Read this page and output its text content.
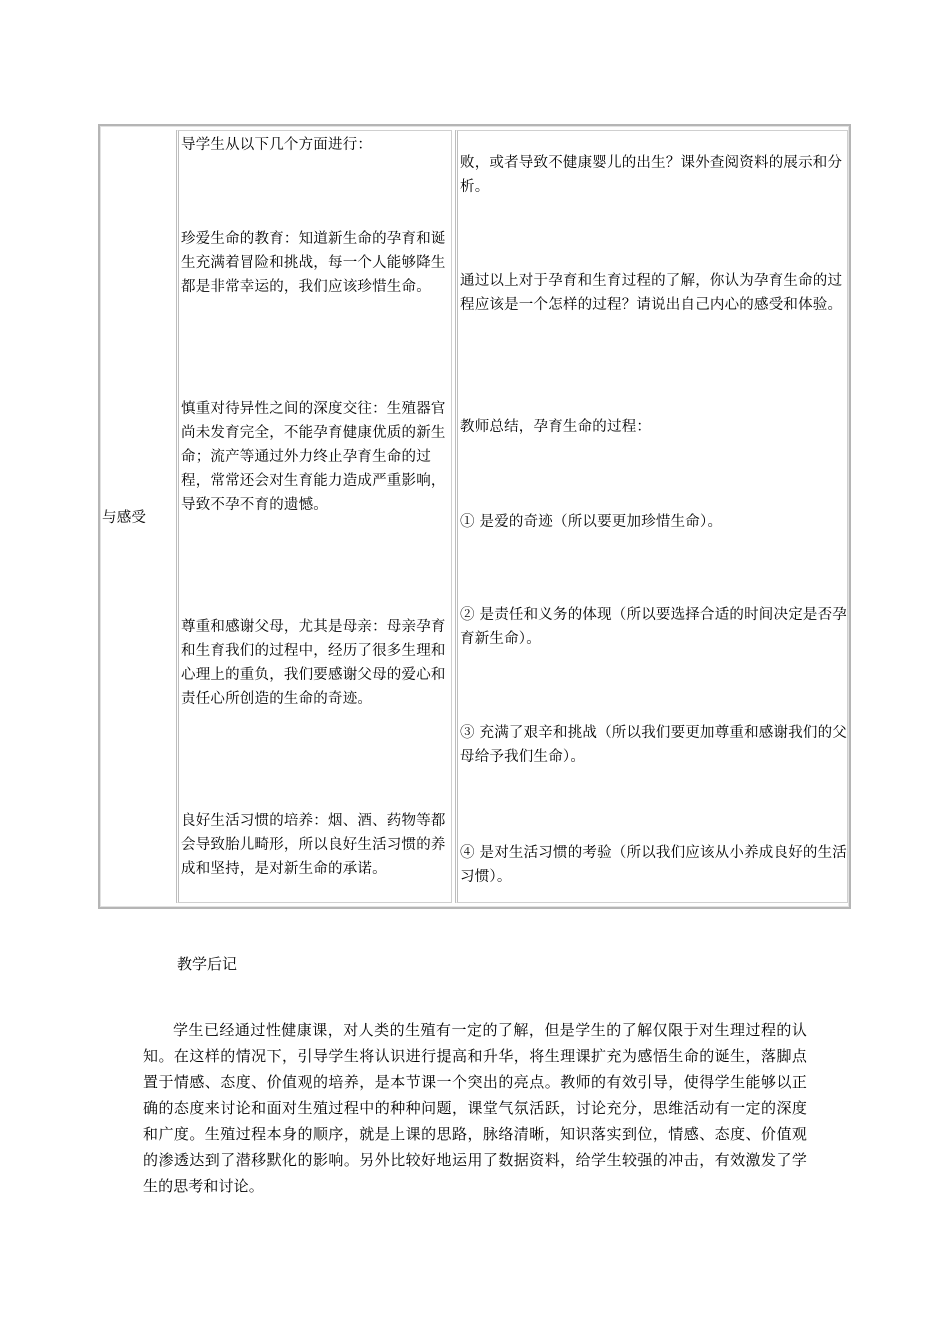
与感受
导学生从以下几个方面进行：
珍爱生命的教育：知道新生命的孕育和诞生充满着冒险和挑战，每一个人能够降生都是非常幸运的，我们应该珍惜生命。
慎重对待异性之间的深度交往：生殖器官尚未发育完全，不能孕育健康优质的新生命；流产等通过外力终止孕育生命的过程，常常还会对生育能力造成严重影响，导致不孕不育的遗憾。
尊重和感谢父母，尤其是母亲：母亲孕育和生育我们的过程中，经历了很多生理和心理上的重负，我们要感谢父母的爱心和责任心所创造的生命的奇迹。
良好生活习惯的培养：烟、酒、药物等都会导致胎儿畸形，所以良好生活习惯的养成和坚持，是对新生命的承诺。
败，或者导致不健康婴儿的出生？课外查阅资料的展示和分析。
通过以上对于孕育和生育过程的了解，你认为孕育生命的过程应该是一个怎样的过程？请说出自己内心的感受和体验。
教师总结，孕育生命的过程：
① 是爱的奇迹（所以要更加珍惜生命）。
② 是责任和义务的体现（所以要选择合适的时间决定是否孕育新生命）。
③ 充满了艰辛和挑战（所以我们要更加尊重和感谢我们的父母给予我们生命）。
④ 是对生活习惯的考验（所以我们应该从小养成良好的生活习惯）。
教学后记
学生已经通过性健康课，对人类的生殖有一定的了解，但是学生的了解仅限于对生理过程的认知。在这样的情况下，引导学生将认识进行提高和升华，将生理课扩充为感悟生命的诞生，落脚点置于情感、态度、价值观的培养，是本节课一个突出的亮点。教师的有效引导，使得学生能够以正确的态度来讨论和面对生殖过程中的种种问题，课堂气氛活跃，讨论充分，思维活动有一定的深度和广度。生殖过程本身的顺序，就是上课的思路，脉络清晰，知识落实到位，情感、态度、价值观的渗透达到了潜移默化的影响。另外比较好地运用了数据资料，给学生较强的冲击，有效激发了学生的思考和讨论。
